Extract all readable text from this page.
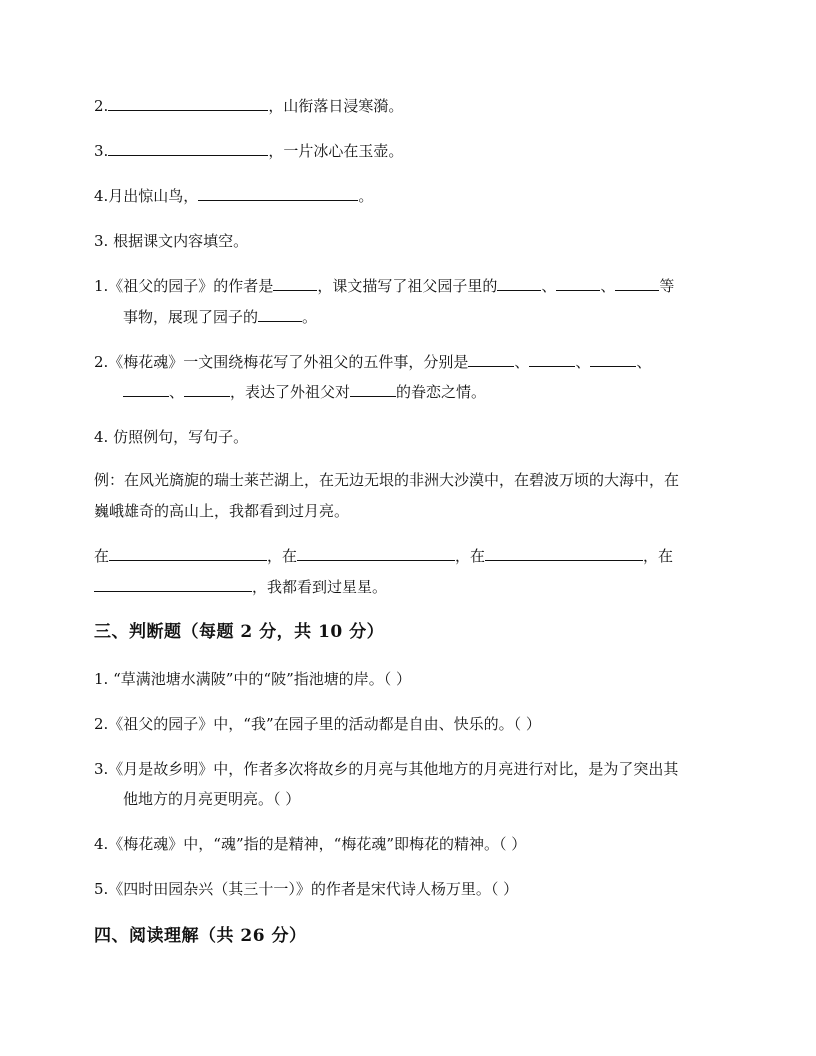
2.	，山衔落日浸寒漪。
3.	，一片冰心在玉壶。
4.月出惊山鸟，	。
3. 根据课文内容填空。
1.《祖父的园子》的作者是	，课文描写了祖父园子里的	、	、	等
事物，展现了园子的	。
2.《梅花魂》一文围绕梅花写了外祖父的五件事，分别是	、	、	、
、	，表达了外祖父对	的眷恋之情。
4. 仿照例句，写句子。
例：在风光旖旎的瑞士莱芒湖上，在无边无垠的非洲大沙漠中，在碧波万顷的大海中，在
巍峨雄奇的高山上，我都看到过月亮。
在	，在	，在	，在
，我都看到过星星。
三、判断题（每题 2 分，共 10 分）
1. “草满池塘水满陂”中的“陂”指池塘的岸。（ ）
2.《祖父的园子》中，“我”在园子里的活动都是自由、快乐的。（ ）
3.《月是故乡明》中，作者多次将故乡的月亮与其他地方的月亮进行对比，是为了突出其
他地方的月亮更明亮。（ ）
4.《梅花魂》中，“魂”指的是精神，“梅花魂”即梅花的精神。（ ）
5.《四时田园杂兴（其三十一）》的作者是宋代诗人杨万里。（ ）
四、阅读理解（共 26 分）
